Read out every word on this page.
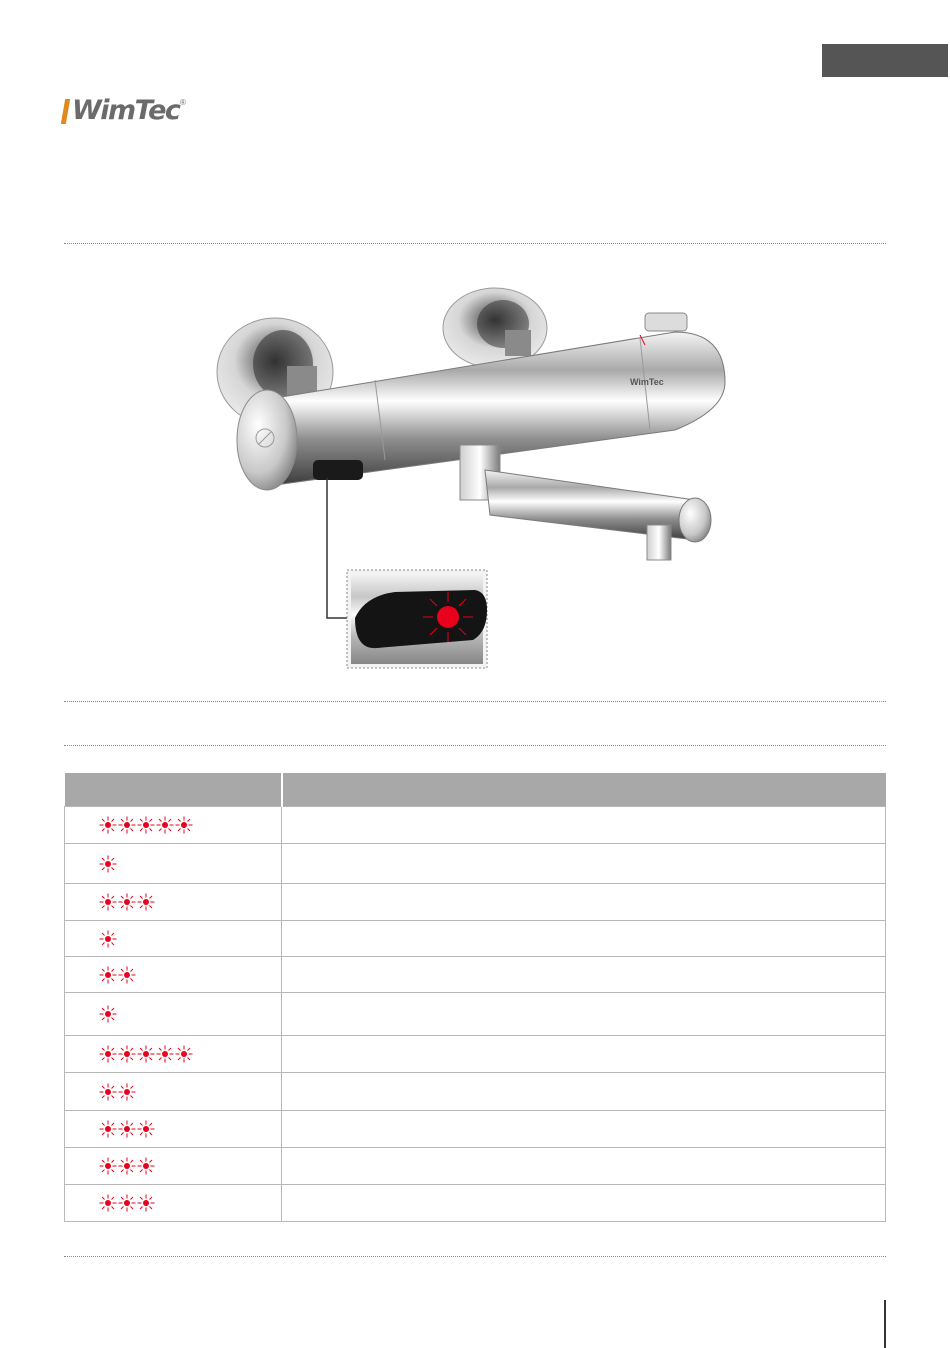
WimTec ®
WimTec
